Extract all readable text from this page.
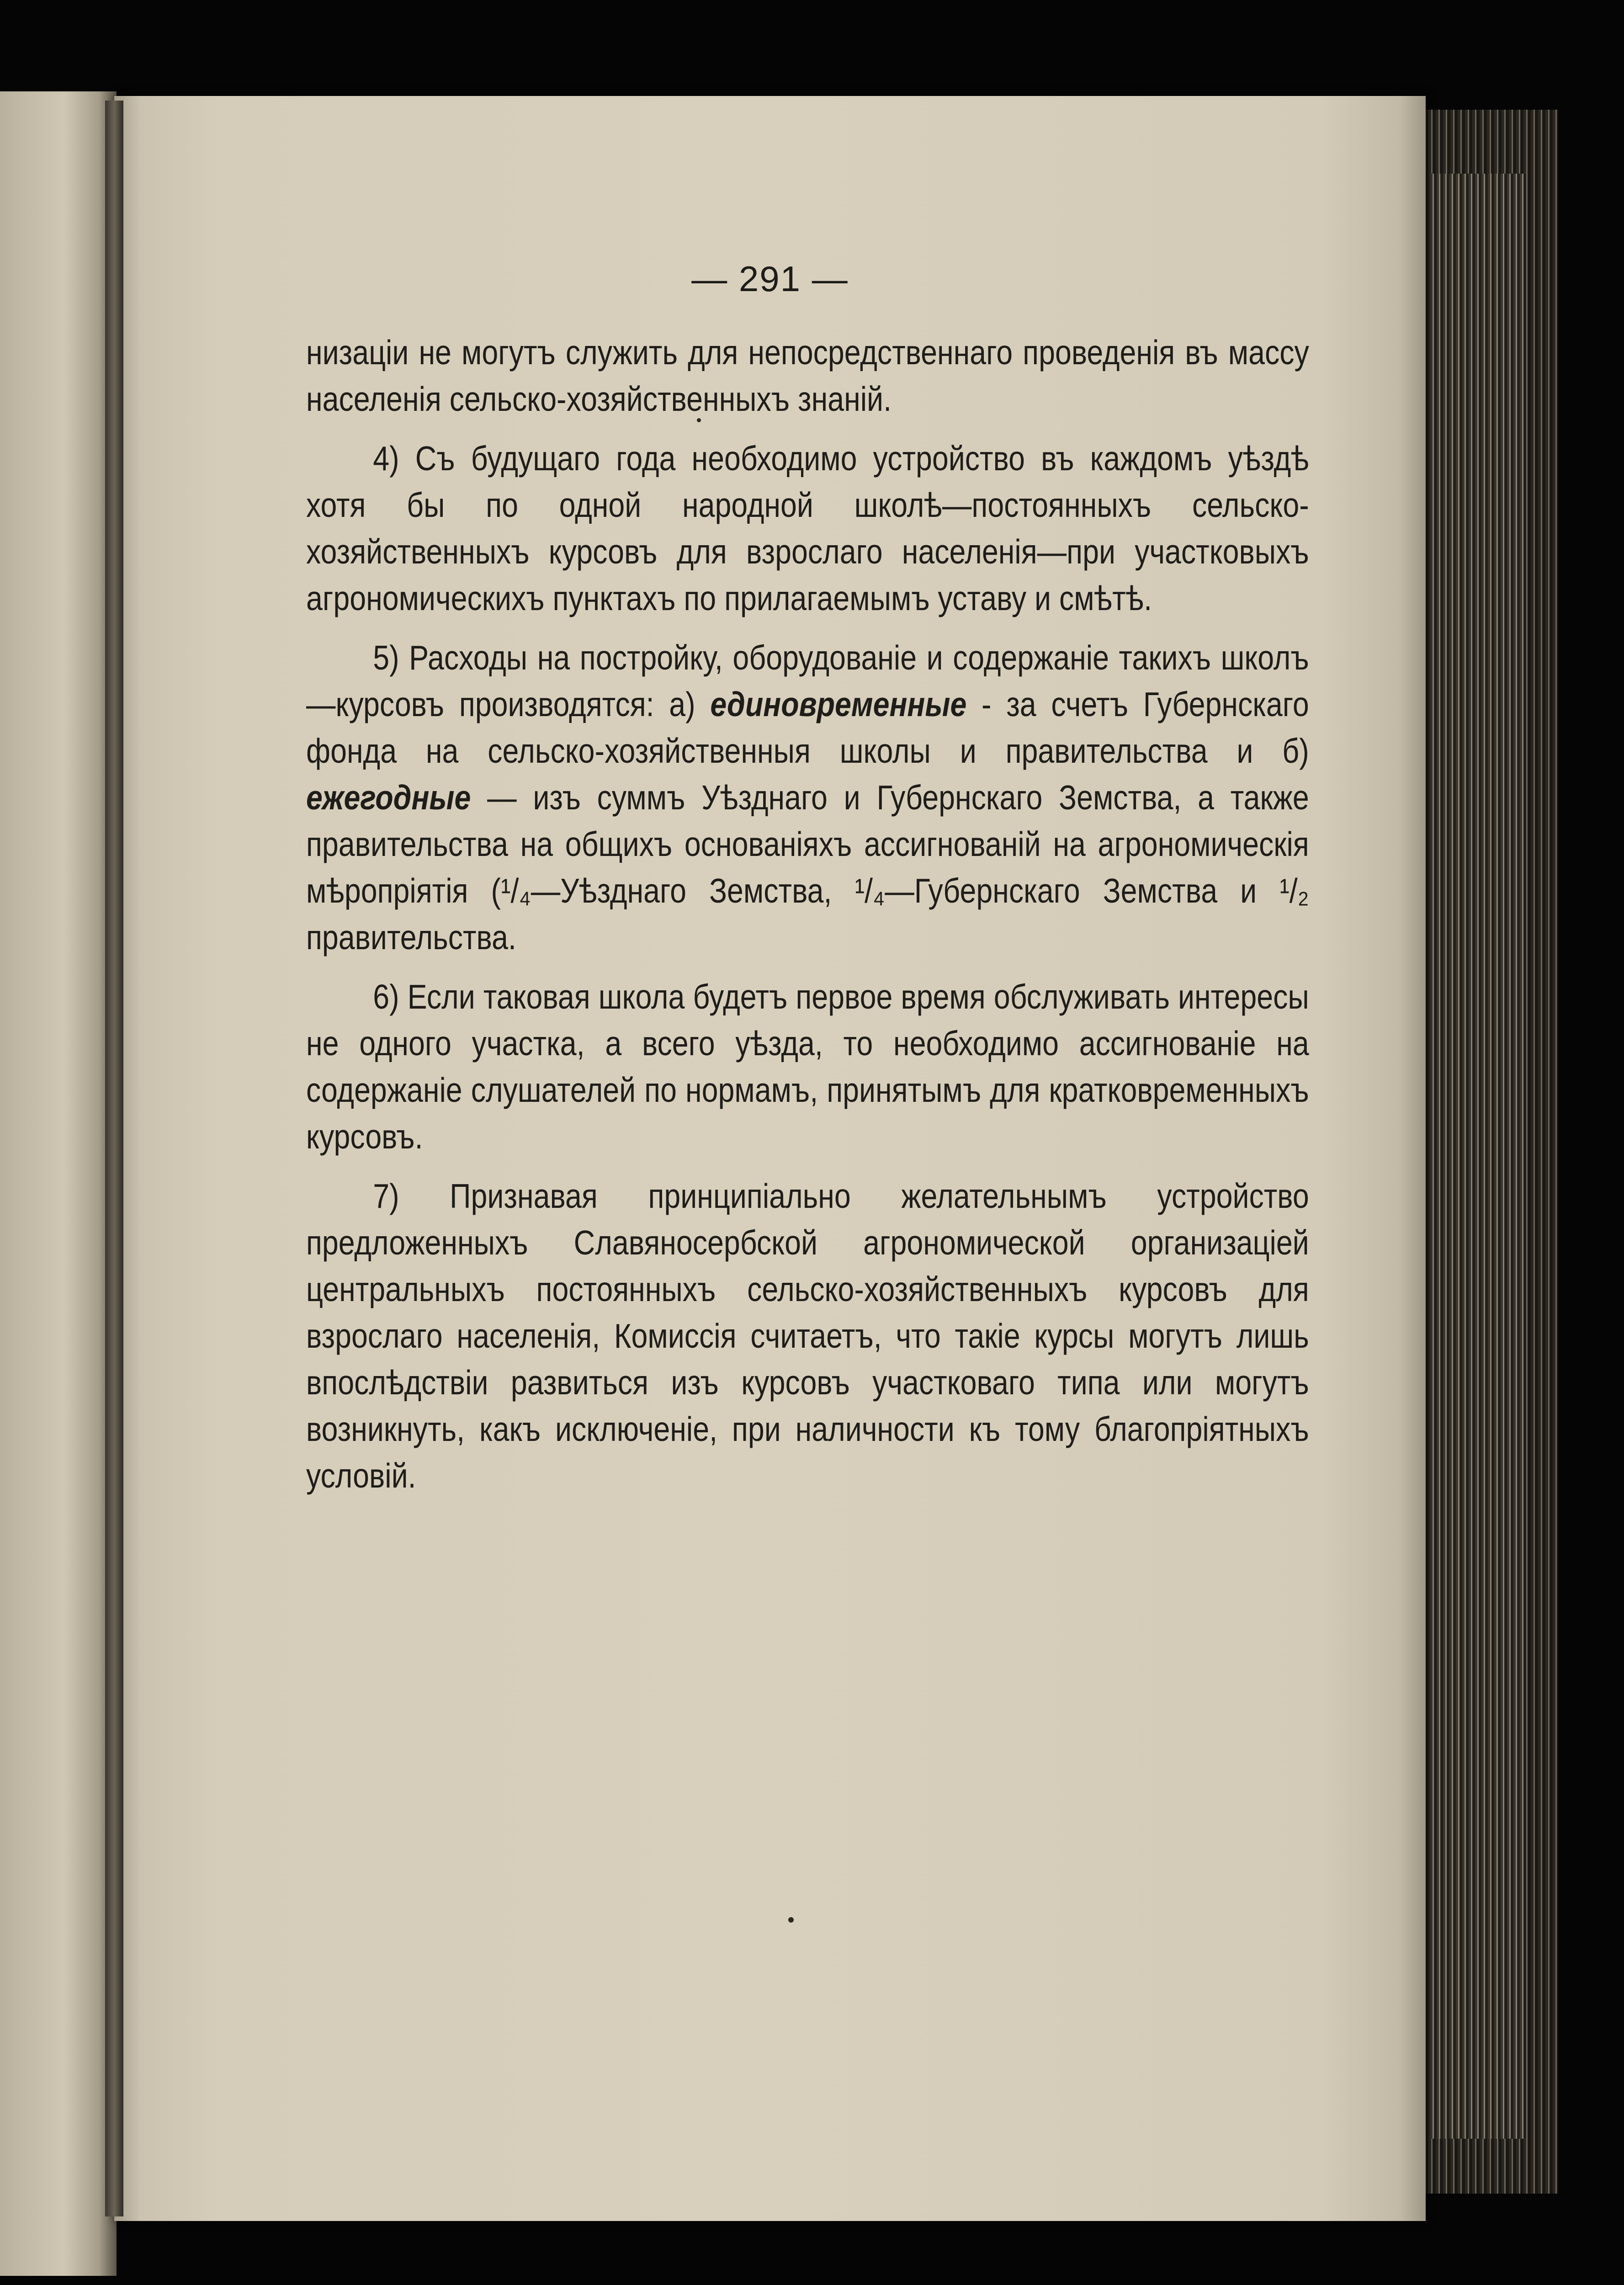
— 291 —

низаціи не могутъ служить для непосредственнаго проведенія въ массу населенія сельско-хозяйственныхъ знаній.

4) Съ будущаго года необходимо устройство въ каждомъ уѣздѣ хотя бы по одной народной школѣ—постоянныхъ сельско-хозяйственныхъ курсовъ для взрослаго населенія—при участковыхъ агрономическихъ пунктахъ по прилагаемымъ уставу и смѣтѣ.

5) Расходы на постройку, оборудованіе и содержаніе такихъ школъ—курсовъ производятся: а) единовременные - за счетъ Губернскаго фонда на сельско-хозяйственныя школы и правительства и б) ежегодные — изъ суммъ Уѣзднаго и Губернскаго Земства, а также правительства на общихъ основаніяхъ ассигнованій на агрономическія мѣропріятія (¹/₄—Уѣзднаго Земства, ¹/₄—Губернскаго Земства и ¹/₂ правительства.

6) Если таковая школа будетъ первое время обслуживать интересы не одного участка, а всего уѣзда, то необходимо ассигнованіе на содержаніе слушателей по нормамъ, принятымъ для кратковременныхъ курсовъ.

7) Признавая принципіально желательнымъ устройство предложенныхъ Славяносербской агрономической организаціей центральныхъ постоянныхъ сельско-хозяйственныхъ курсовъ для взрослаго населенія, Комиссія считаетъ, что такіе курсы могутъ лишь впослѣдствіи развиться изъ курсовъ участковаго типа или могутъ возникнуть, какъ исключеніе, при наличности къ тому благопріятныхъ условій.
